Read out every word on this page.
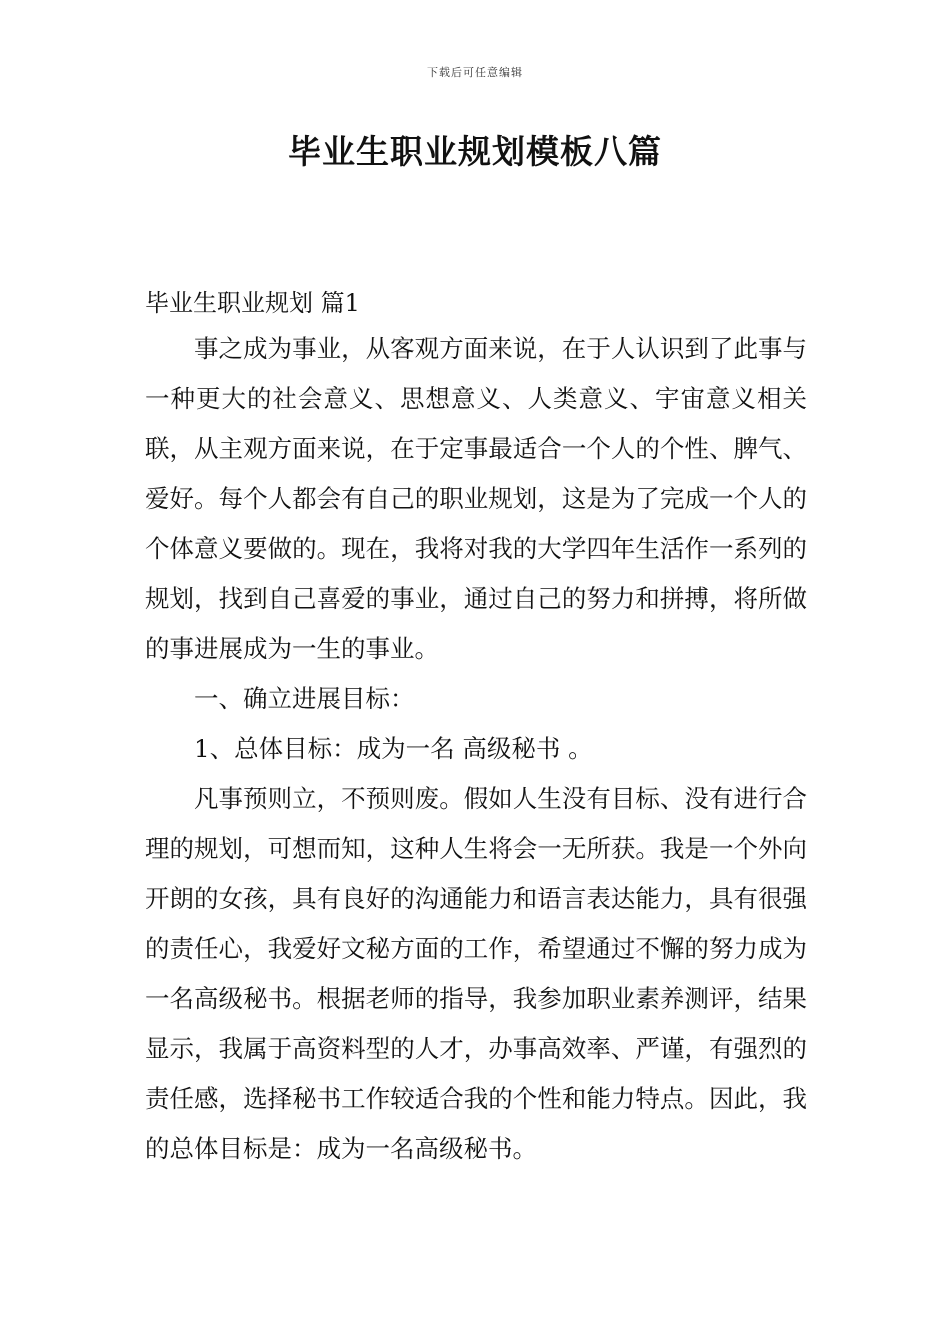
下载后可任意编辑
毕业生职业规划模板八篇
毕业生职业规划 篇1

事之成为事业，从客观方面来说，在于人认识到了此事与一种更大的社会意义、思想意义、人类意义、宇宙意义相关联，从主观方面来说，在于定事最适合一个人的个性、脾气、爱好。每个人都会有自己的职业规划，这是为了完成一个人的个体意义要做的。现在，我将对我的大学四年生活作一系列的规划，找到自己喜爱的事业，通过自己的努力和拼搏，将所做的事进展成为一生的事业。

一、确立进展目标：

1、总体目标：成为一名 高级秘书 。

凡事预则立，不预则废。假如人生没有目标、没有进行合理的规划，可想而知，这种人生将会一无所获。我是一个外向开朗的女孩，具有良好的沟通能力和语言表达能力，具有很强的责任心，我爱好文秘方面的工作，希望通过不懈的努力成为一名高级秘书。根据老师的指导，我参加职业素养测评，结果显示，我属于高资料型的人才，办事高效率、严谨，有强烈的责任感，选择秘书工作较适合我的个性和能力特点。因此，我的总体目标是：成为一名高级秘书。
